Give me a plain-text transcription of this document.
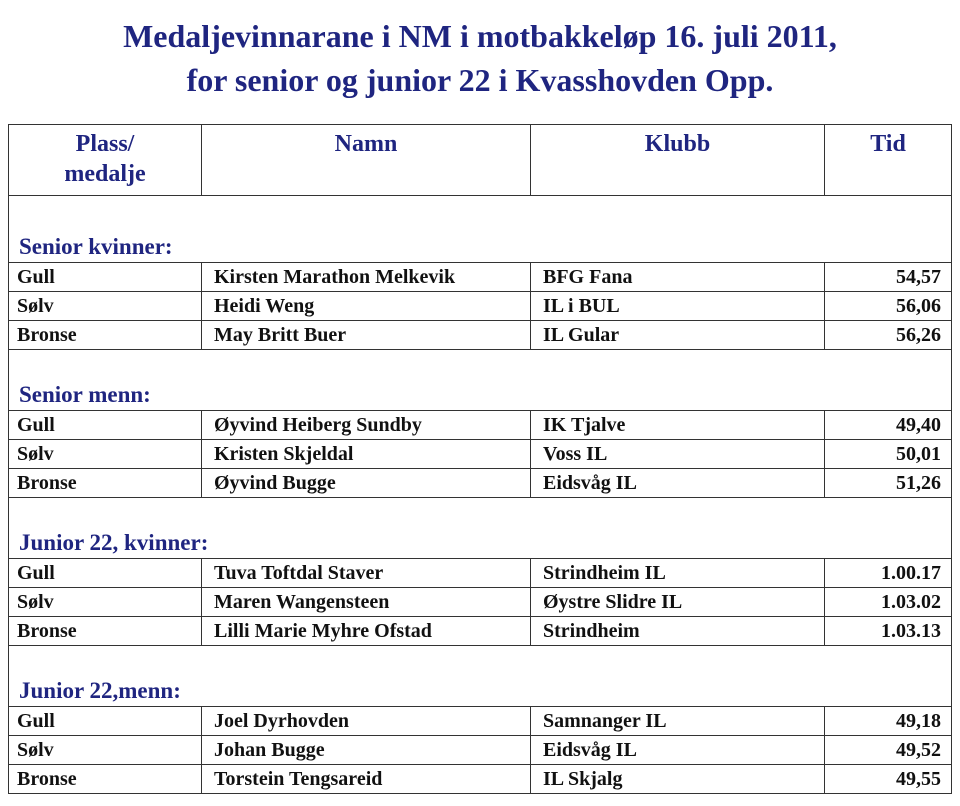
Medaljevinnarane i NM i motbakkeløp 16. juli 2011,
for senior og junior 22 i Kvasshovden Opp.
Plass/
medalje	Namn	Klubb	Tid
Senior kvinner:			
Gull	Kirsten Marathon Melkevik	BFG Fana	54,57
Sølv	Heidi Weng	IL i BUL	56,06
Bronse	May Britt Buer	IL Gular	56,26
Senior menn:			
Gull	Øyvind Heiberg Sundby	IK Tjalve	49,40
Sølv	Kristen Skjeldal	Voss IL	50,01
Bronse	Øyvind Bugge	Eidsvåg IL	51,26
Junior 22, kvinner:			
Gull	Tuva Toftdal Staver	Strindheim IL	1.00.17
Sølv	Maren Wangensteen	Øystre Slidre IL	1.03.02
Bronse	Lilli Marie Myhre Ofstad	Strindheim	1.03.13
Junior 22,menn:			
Gull	Joel Dyrhovden	Samnanger IL	49,18
Sølv	Johan Bugge	Eidsvåg IL	49,52
Bronse	Torstein Tengsareid	IL Skjalg	49,55
